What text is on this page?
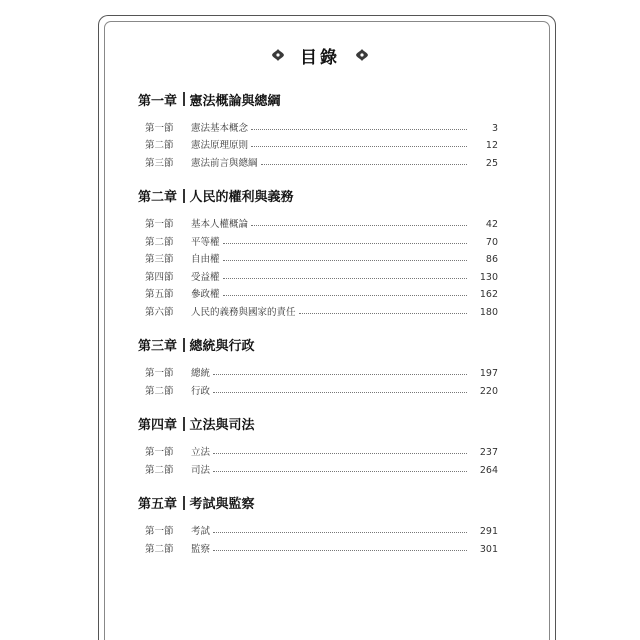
目錄
第一章 憲法概論與總綱
第一節	憲法基本概念	3
第二節	憲法原理原則	12
第三節	憲法前言與總綱	25
第二章 人民的權利與義務
第一節	基本人權概論	42
第二節	平等權	70
第三節	自由權	86
第四節	受益權	130
第五節	參政權	162
第六節	人民的義務與國家的責任	180
第三章 總統與行政
第一節	總統	197
第二節	行政	220
第四章 立法與司法
第一節	立法	237
第二節	司法	264
第五章 考試與監察
第一節	考試	291
第二節	監察	301
